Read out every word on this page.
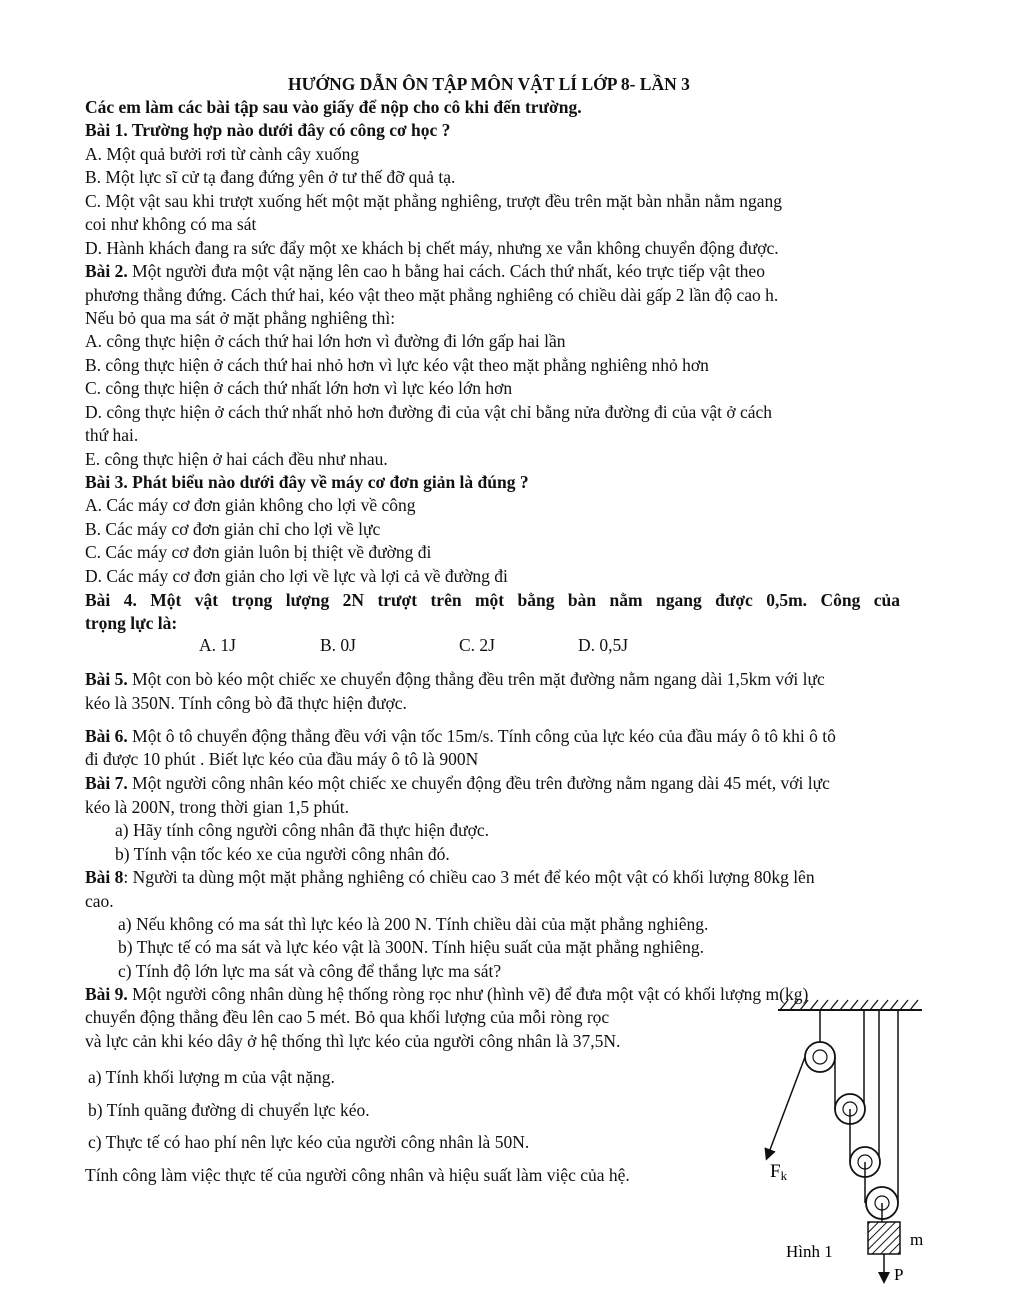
HƯỚNG DẪN ÔN TẬP MÔN VẬT LÍ LỚP 8- LẦN 3
Các em làm các bài tập sau vào giấy để nộp cho cô khi đến trường.
Bài 1. Trường hợp nào dưới đây có công cơ học ?
A. Một quả bưởi rơi từ cành cây xuống
B. Một lực sĩ cử tạ đang đứng yên ở tư thế đỡ quả tạ.
C. Một vật sau khi trượt xuống hết một mặt phẳng nghiêng, trượt đều trên mặt bàn nhẵn nằm ngang
coi như không có ma sát
D. Hành khách đang ra sức đẩy một xe khách bị chết máy, nhưng xe vẫn không chuyển động được.
Bài 2. Một người đưa một vật nặng lên cao h bằng hai cách. Cách thứ nhất, kéo trực tiếp vật theo
phương thẳng đứng. Cách thứ hai, kéo vật theo mặt phẳng nghiêng có chiều dài gấp 2 lần độ cao h.
Nếu bỏ qua ma sát ở mặt phẳng nghiêng thì:
A. công thực hiện ở cách thứ hai lớn hơn vì đường đi lớn gấp hai lần
B. công thực hiện ở cách thứ hai nhỏ hơn vì lực kéo vật theo mặt phẳng nghiêng nhỏ hơn
C. công thực hiện ở cách thứ nhất lớn hơn vì lực kéo lớn hơn
D. công thực hiện ở cách thứ nhất nhỏ hơn đường đi của vật chỉ bằng nửa đường đi của vật ở cách
thứ hai.
E. công thực hiện ở hai cách đều như nhau.
Bài 3. Phát biểu nào dưới đây về máy cơ đơn giản là đúng ?
A. Các máy cơ đơn giản không cho lợi về công
B. Các máy cơ đơn giản chỉ cho lợi về lực
C. Các máy cơ đơn giản luôn bị thiệt về đường đi
D. Các máy cơ đơn giản cho lợi về lực và lợi cả về đường đi
Bài 4. Một vật trọng lượng 2N trượt trên một bằng bàn nằm ngang được 0,5m. Công của
trọng lực là:
A. 1J	B. 0J	C. 2J	D. 0,5J
Bài 5. Một con bò kéo một chiếc xe chuyển động thẳng đều trên mặt đường nằm ngang dài 1,5km với lực
kéo là 350N. Tính công bò đã thực hiện được.
Bài 6. Một ô tô chuyển động thẳng đều với vận tốc 15m/s. Tính công của lực kéo của đầu máy ô tô khi ô tô
đi được 10 phút . Biết lực kéo của đầu máy ô tô là 900N
Bài 7. Một người công nhân kéo một chiếc xe chuyển động đều trên đường nằm ngang dài 45 mét, với lực
kéo là 200N, trong thời gian 1,5 phút.
a) Hãy tính công người công nhân đã thực hiện được.
b) Tính vận tốc kéo xe của người công nhân đó.
Bài 8: Người ta dùng một mặt phẳng nghiêng có chiều cao 3 mét để kéo một vật có khối lượng 80kg lên
cao.
a) Nếu không có ma sát thì lực kéo là 200 N. Tính chiều dài của mặt phẳng nghiêng.
b) Thực tế có ma sát và lực kéo vật là 300N. Tính hiệu suất của mặt phẳng nghiêng.
c) Tính độ lớn lực ma sát và công để thắng lực ma sát?
Bài 9. Một người công nhân dùng hệ thống ròng rọc như (hình vẽ) để đưa một vật có khối lượng m(kg)
chuyển động thẳng đều lên cao 5 mét. Bỏ qua khối lượng của mỗi ròng rọc
và lực cản khi kéo dây ở hệ thống thì lực kéo của người công nhân là 37,5N.
a) Tính khối lượng m của vật nặng.
b) Tính quãng đường di chuyển lực kéo.
c) Thực tế có hao phí nên lực kéo của người công nhân là 50N.
Tính công làm việc thực tế của người công nhân và hiệu suất làm việc của hệ.	Fk
m
P
Hình 1
